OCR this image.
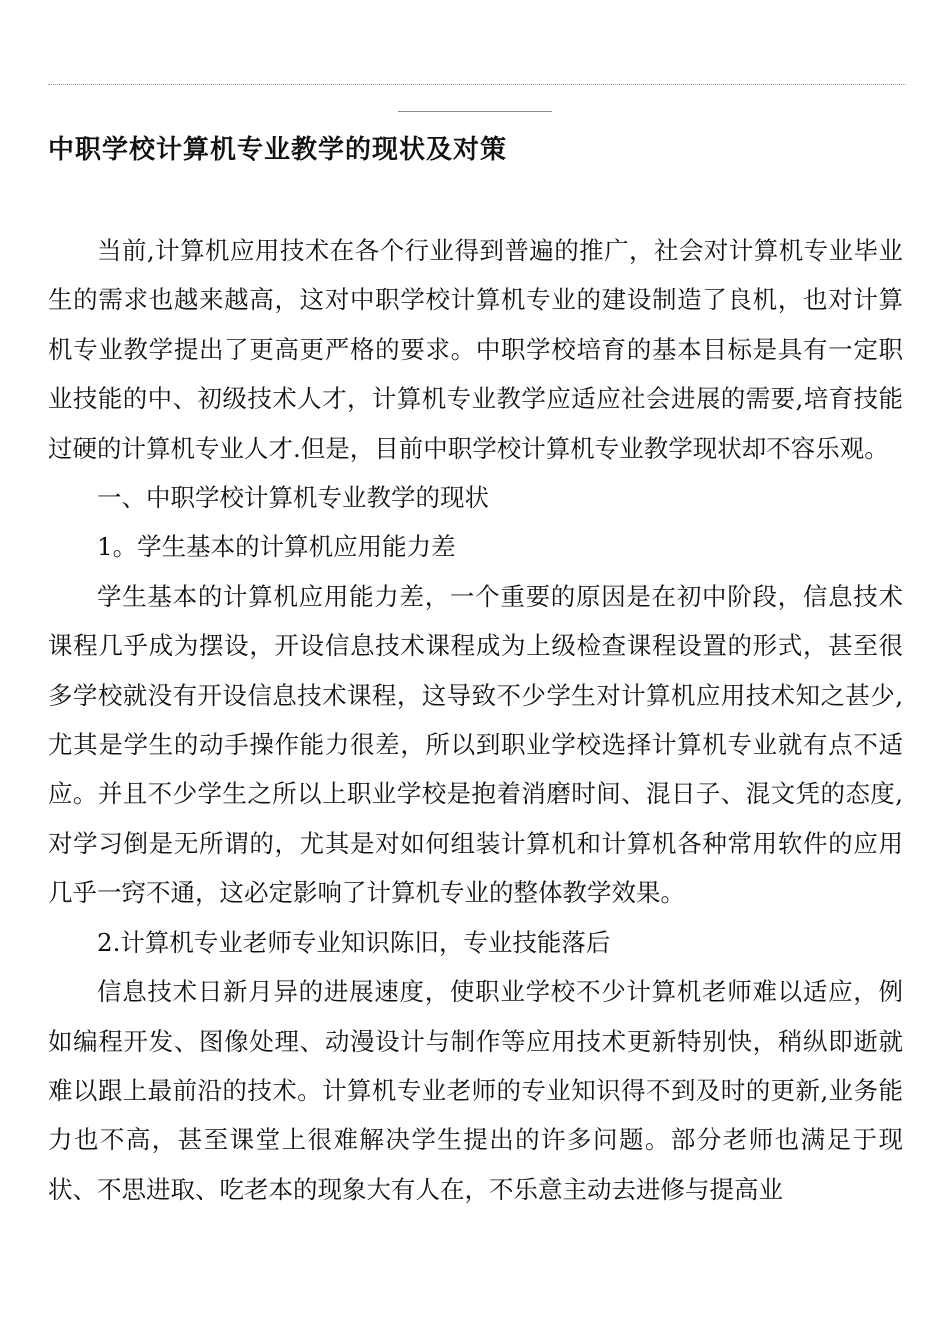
中职学校计算机专业教学的现状及对策

当前,计算机应用技术在各个行业得到普遍的推广，社会对计算机专业毕业生的需求也越来越高，这对中职学校计算机专业的建设制造了良机，也对计算机专业教学提出了更高更严格的要求。中职学校培育的基本目标是具有一定职业技能的中、初级技术人才，计算机专业教学应适应社会进展的需要,培育技能过硬的计算机专业人才.但是，目前中职学校计算机专业教学现状却不容乐观。

一、中职学校计算机专业教学的现状

1。学生基本的计算机应用能力差

学生基本的计算机应用能力差，一个重要的原因是在初中阶段，信息技术课程几乎成为摆设，开设信息技术课程成为上级检查课程设置的形式，甚至很多学校就没有开设信息技术课程，这导致不少学生对计算机应用技术知之甚少,尤其是学生的动手操作能力很差，所以到职业学校选择计算机专业就有点不适应。并且不少学生之所以上职业学校是抱着消磨时间、混日子、混文凭的态度,对学习倒是无所谓的，尤其是对如何组装计算机和计算机各种常用软件的应用几乎一窍不通，这必定影响了计算机专业的整体教学效果。

2.计算机专业老师专业知识陈旧，专业技能落后

信息技术日新月异的进展速度，使职业学校不少计算机老师难以适应，例如编程开发、图像处理、动漫设计与制作等应用技术更新特别快，稍纵即逝就难以跟上最前沿的技术。计算机专业老师的专业知识得不到及时的更新,业务能力也不高，甚至课堂上很难解决学生提出的许多问题。部分老师也满足于现状、不思进取、吃老本的现象大有人在，不乐意主动去进修与提高业
